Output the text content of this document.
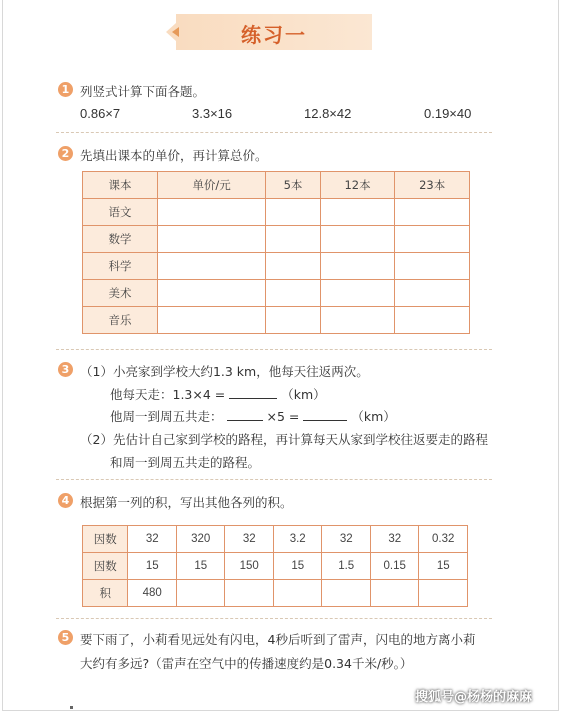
练习一
1 列竖式计算下面各题。
0.86×7	3.3×16	12.8×42	0.19×40
2 先填出课本的单价，再计算总价。
课本	单价/元	5本	12本	23本
语文				
数学				
科学				
美术				
音乐				
3 （1）小亮家到学校大约1.3 km，他每天往返两次。
他每天走：1.3×4 =	（km）
他周一到周五共走：	×5 =	（km）
（2）先估计自己家到学校的路程，再计算每天从家到学校往返要走的路程
和周一到周五共走的路程。
4 根据第一列的积，写出其他各列的积。
因数	32	320	32	3.2	32	32	0.32
因数	15	15	150	15	1.5	0.15	15
积	480						
5 要下雨了，小莉看见远处有闪电，4秒后听到了雷声，闪电的地方离小莉
大约有多远?（雷声在空气中的传播速度约是0.34千米/秒。）
搜狐号@杨杨的麻麻
